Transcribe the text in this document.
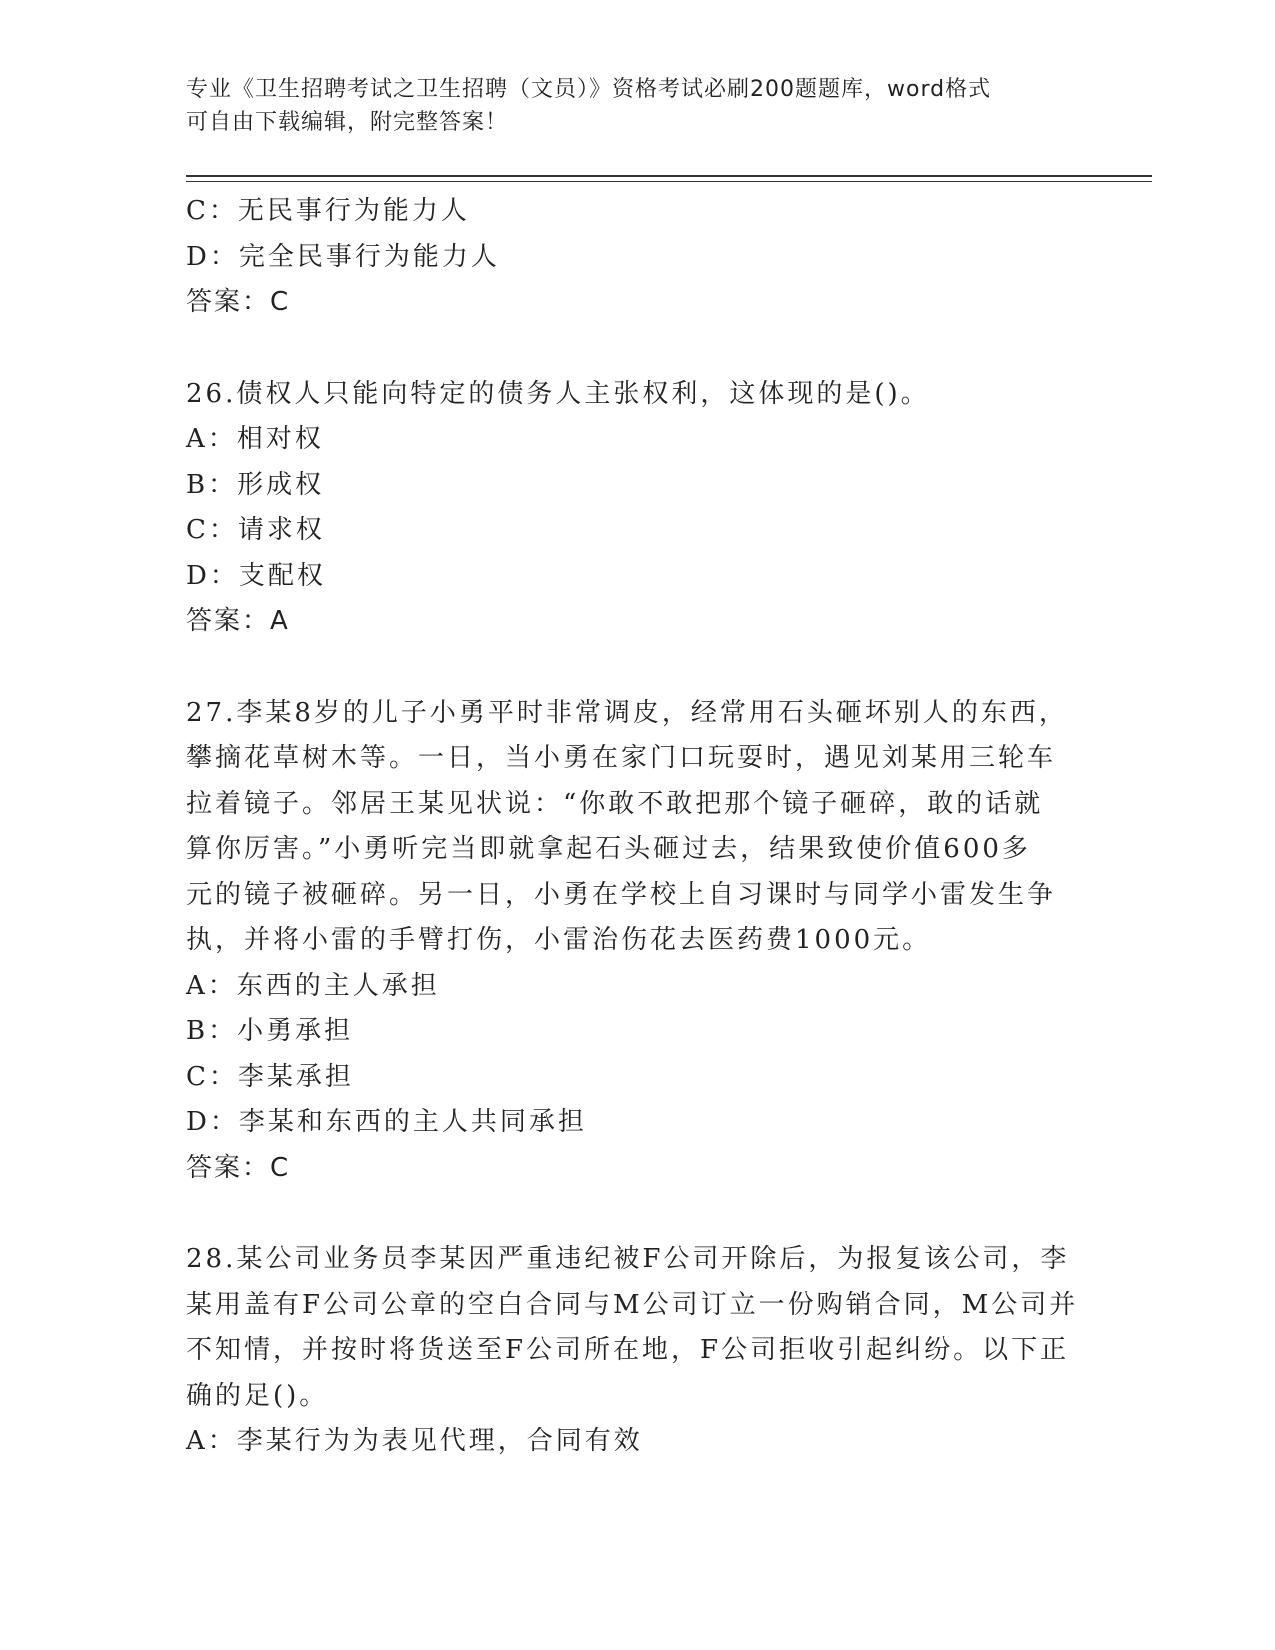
专业《卫生招聘考试之卫生招聘（文员）》资格考试必刷200题题库，word格式

可自由下载编辑，附完整答案！

C：无民事行为能力人
D：完全民事行为能力人
答案：C
26.债权人只能向特定的债务人主张权利，这体现的是()。
A：相对权
B：形成权
C：请求权
D：支配权
答案：A
27.李某8岁的儿子小勇平时非常调皮，经常用石头砸坏别人的东西，
攀摘花草树木等。一日，当小勇在家门口玩耍时，遇见刘某用三轮车
拉着镜子。邻居王某见状说：“你敢不敢把那个镜子砸碎，敢的话就
算你厉害。”小勇听完当即就拿起石头砸过去，结果致使价值600多
元的镜子被砸碎。另一日，小勇在学校上自习课时与同学小雷发生争
执，并将小雷的手臂打伤，小雷治伤花去医药费1000元。
A：东西的主人承担
B：小勇承担
C：李某承担
D：李某和东西的主人共同承担
答案：C
28.某公司业务员李某因严重违纪被F公司开除后，为报复该公司，李
某用盖有F公司公章的空白合同与M公司订立一份购销合同，M公司并
不知情，并按时将货送至F公司所在地，F公司拒收引起纠纷。以下正
确的足()。
A：李某行为为表见代理，合同有效
